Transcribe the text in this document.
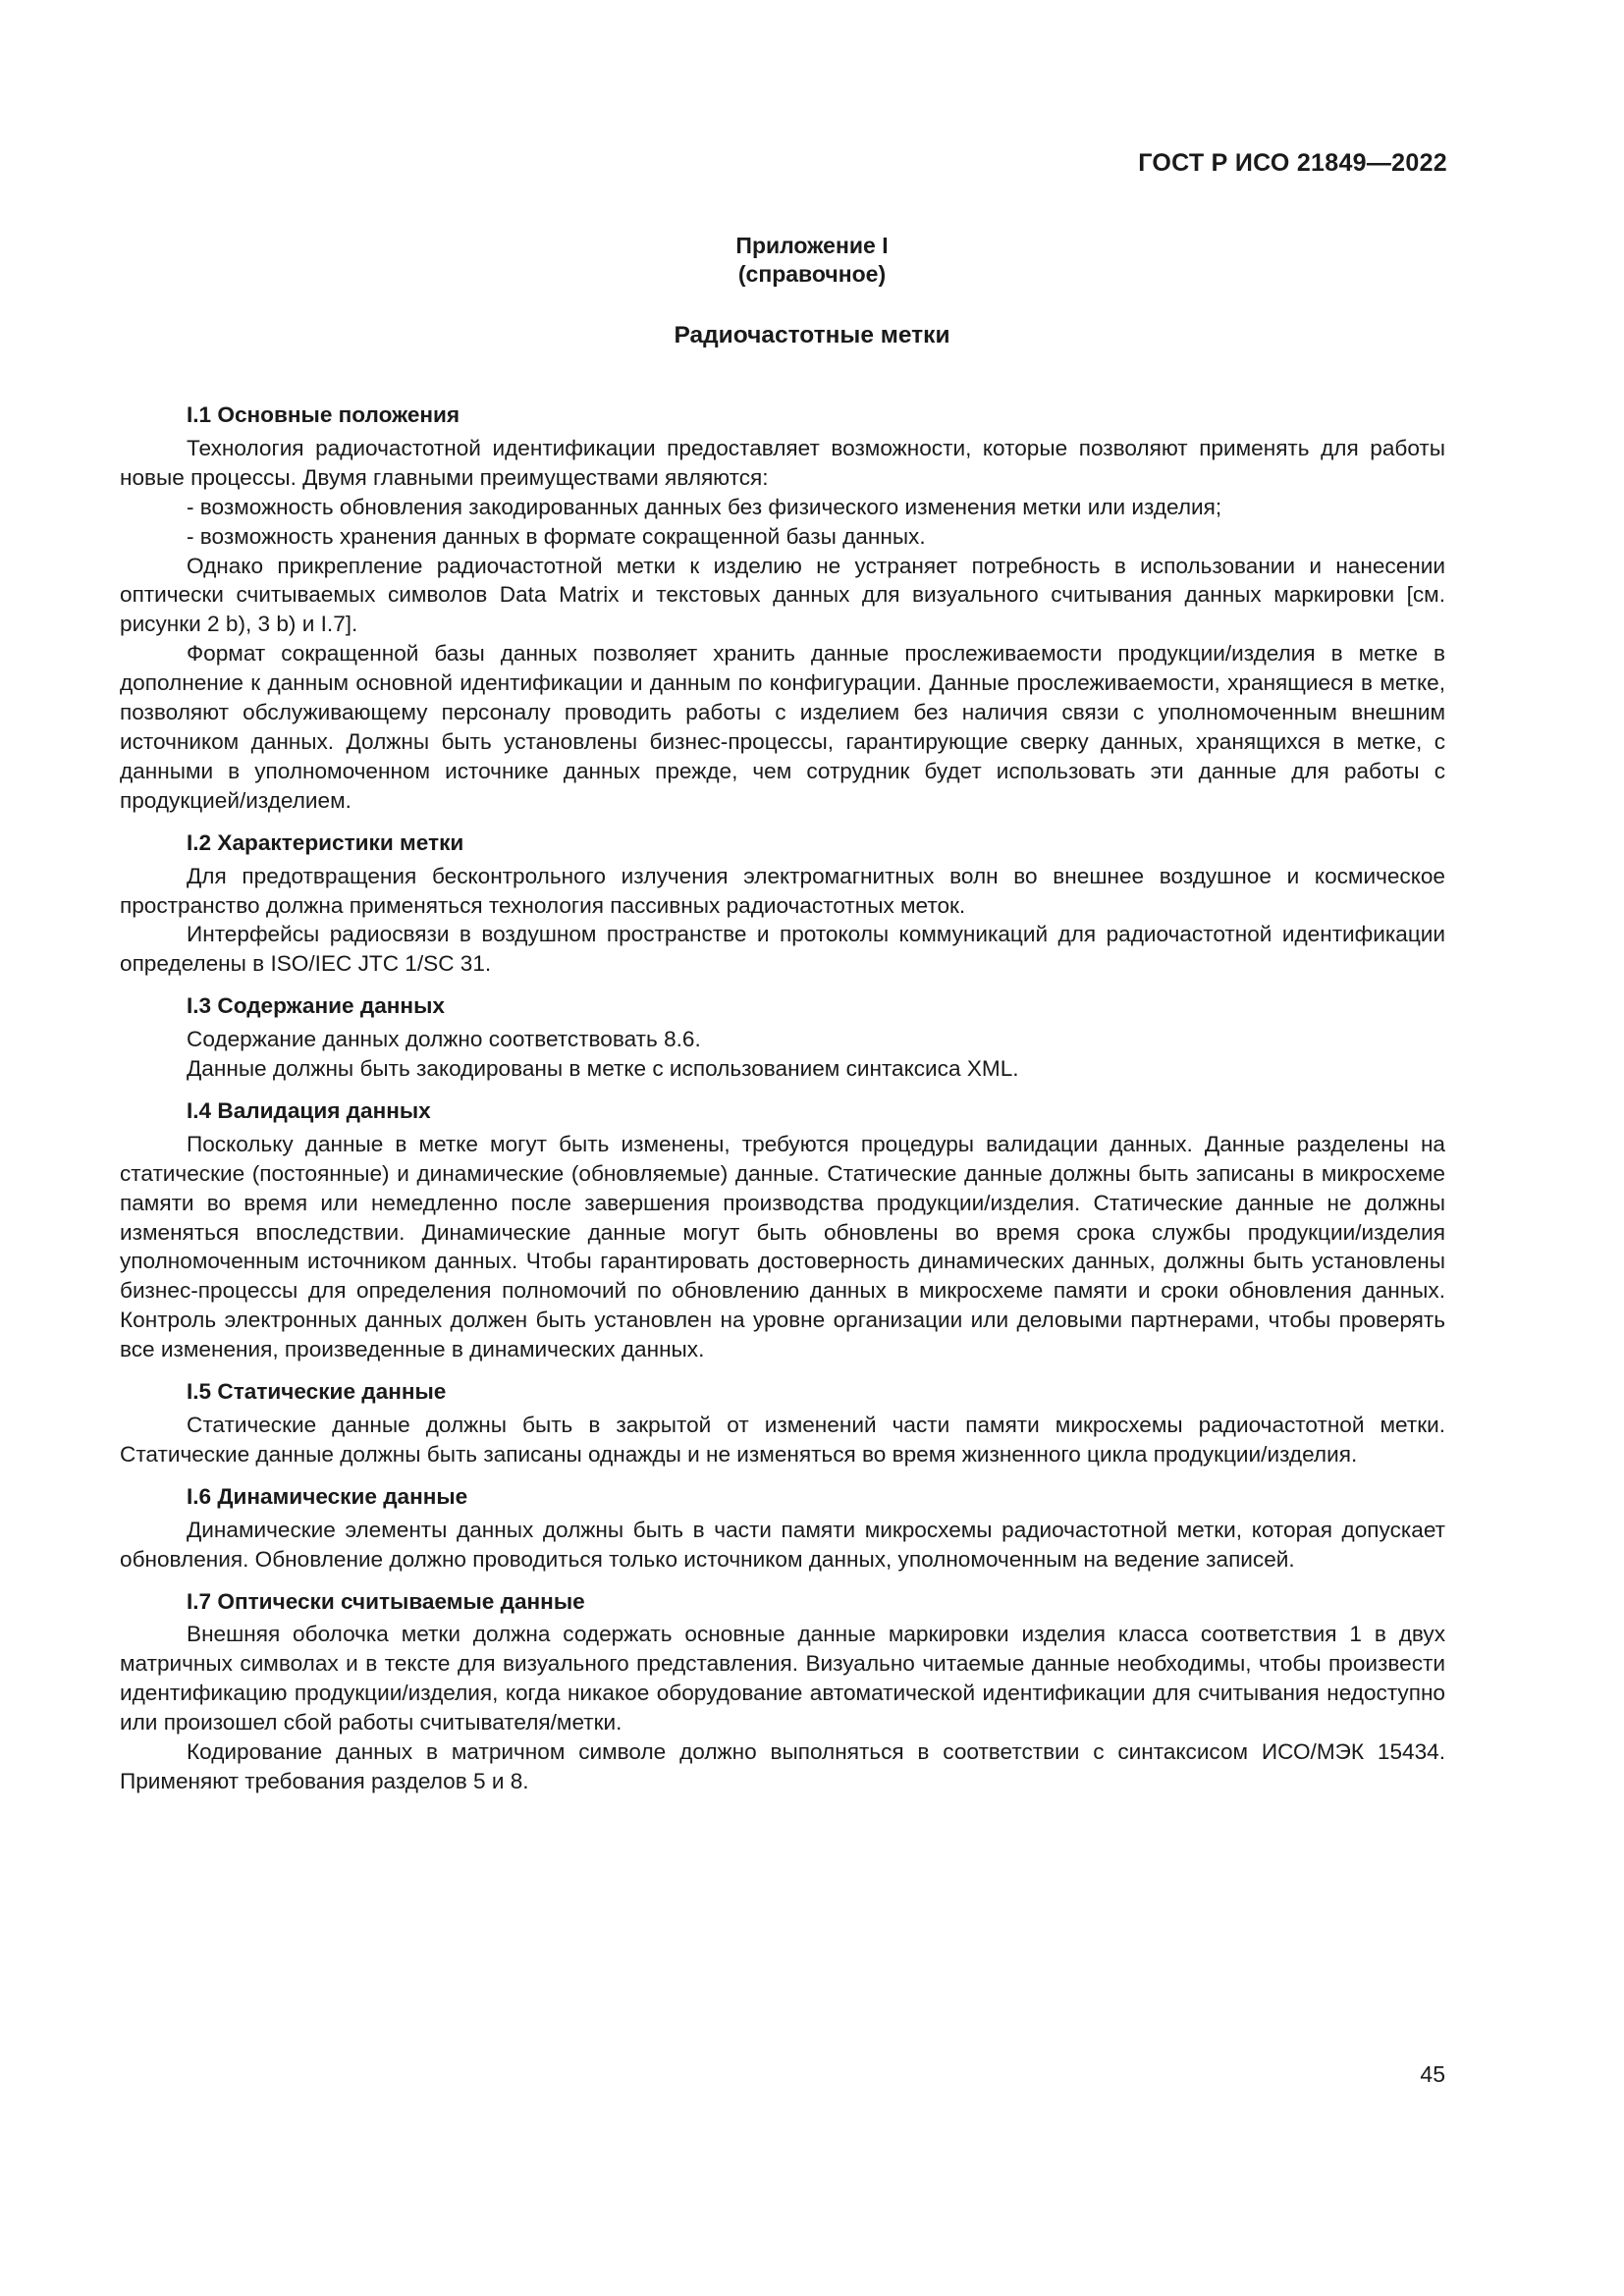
ГОСТ Р ИСО 21849—2022
Приложение I
(справочное)
Радиочастотные метки
I.1 Основные положения

Технология радиочастотной идентификации предоставляет возможности, которые позволяют применять для работы новые процессы. Двумя главными преимуществами являются:

- возможность обновления закодированных данных без физического изменения метки или изделия;

- возможность хранения данных в формате сокращенной базы данных.

Однако прикрепление радиочастотной метки к изделию не устраняет потребность в использовании и нанесении оптически считываемых символов Data Matrix и текстовых данных для визуального считывания данных маркировки [см. рисунки 2 b), 3 b) и I.7].

Формат сокращенной базы данных позволяет хранить данные прослеживаемости продукции/изделия в метке в дополнение к данным основной идентификации и данным по конфигурации. Данные прослеживаемости, хранящиеся в метке, позволяют обслуживающему персоналу проводить работы с изделием без наличия связи с уполномоченным внешним источником данных. Должны быть установлены бизнес-процессы, гарантирующие сверку данных, хранящихся в метке, с данными в уполномоченном источнике данных прежде, чем сотрудник будет использовать эти данные для работы с продукцией/изделием.

I.2 Характеристики метки

Для предотвращения бесконтрольного излучения электромагнитных волн во внешнее воздушное и космическое пространство должна применяться технология пассивных радиочастотных меток.

Интерфейсы радиосвязи в воздушном пространстве и протоколы коммуникаций для радиочастотной идентификации определены в ISO/IEC JTC 1/SC 31.

I.3 Содержание данных

Содержание данных должно соответствовать 8.6.

Данные должны быть закодированы в метке с использованием синтаксиса XML.

I.4 Валидация данных

Поскольку данные в метке могут быть изменены, требуются процедуры валидации данных. Данные разделены на статические (постоянные) и динамические (обновляемые) данные. Статические данные должны быть записаны в микросхеме памяти во время или немедленно после завершения производства продукции/изделия. Статические данные не должны изменяться впоследствии. Динамические данные могут быть обновлены во время срока службы продукции/изделия уполномоченным источником данных. Чтобы гарантировать достоверность динамических данных, должны быть установлены бизнес-процессы для определения полномочий по обновлению данных в микросхеме памяти и сроки обновления данных. Контроль электронных данных должен быть установлен на уровне организации или деловыми партнерами, чтобы проверять все изменения, произведенные в динамических данных.

I.5 Статические данные

Статические данные должны быть в закрытой от изменений части памяти микросхемы радиочастотной метки. Статические данные должны быть записаны однажды и не изменяться во время жизненного цикла продукции/изделия.

I.6 Динамические данные

Динамические элементы данных должны быть в части памяти микросхемы радиочастотной метки, которая допускает обновления. Обновление должно проводиться только источником данных, уполномоченным на ведение записей.

I.7 Оптически считываемые данные

Внешняя оболочка метки должна содержать основные данные маркировки изделия класса соответствия 1 в двух матричных символах и в тексте для визуального представления. Визуально читаемые данные необходимы, чтобы произвести идентификацию продукции/изделия, когда никакое оборудование автоматической идентификации для считывания недоступно или произошел сбой работы считывателя/метки.

Кодирование данных в матричном символе должно выполняться в соответствии с синтаксисом ИСО/МЭК 15434. Применяют требования разделов 5 и 8.

45
